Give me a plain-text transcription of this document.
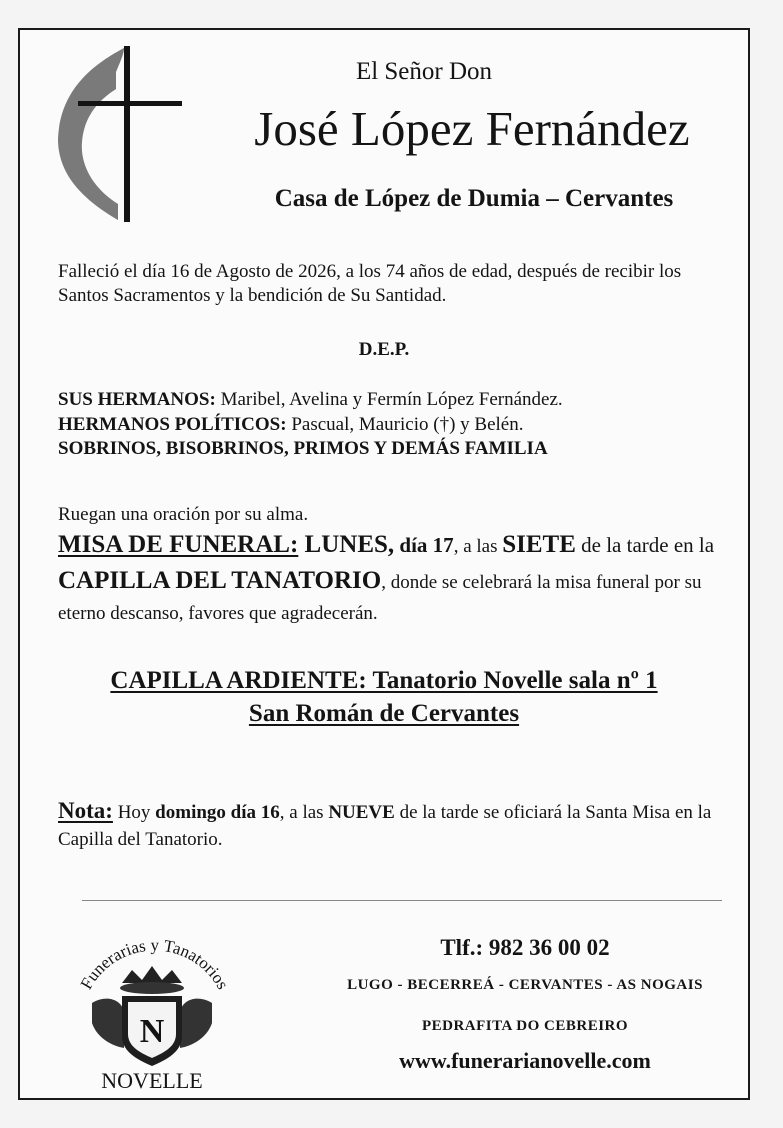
El Señor Don
José López Fernández
Casa de López de Dumia – Cervantes
Falleció el día 16 de Agosto de 2026, a los 74 años de edad, después de recibir los Santos Sacramentos y la bendición de Su Santidad.
D.E.P.
SUS HERMANOS: Maribel, Avelina y Fermín López Fernández.
HERMANOS POLÍTICOS: Pascual, Mauricio (†) y Belén.
SOBRINOS, BISOBRINOS, PRIMOS Y DEMÁS FAMILIA
Ruegan una oración por su alma.
MISA DE FUNERAL: LUNES, día 17, a las SIETE de la tarde en la CAPILLA DEL TANATORIO, donde se celebrará la misa funeral por su eterno descanso, favores que agradecerán.
CAPILLA ARDIENTE: Tanatorio Novelle sala nº 1
San Román de Cervantes
Nota: Hoy domingo día 16, a las NUEVE de la tarde se oficiará la Santa Misa en la Capilla del Tanatorio.
Funerarias y Tanatorios
N
NOVELLE
Tlf.: 982 36 00 02
LUGO - BECERREÁ - CERVANTES - AS NOGAIS
PEDRAFITA DO CEBREIRO
www.funerarianovelle.com
